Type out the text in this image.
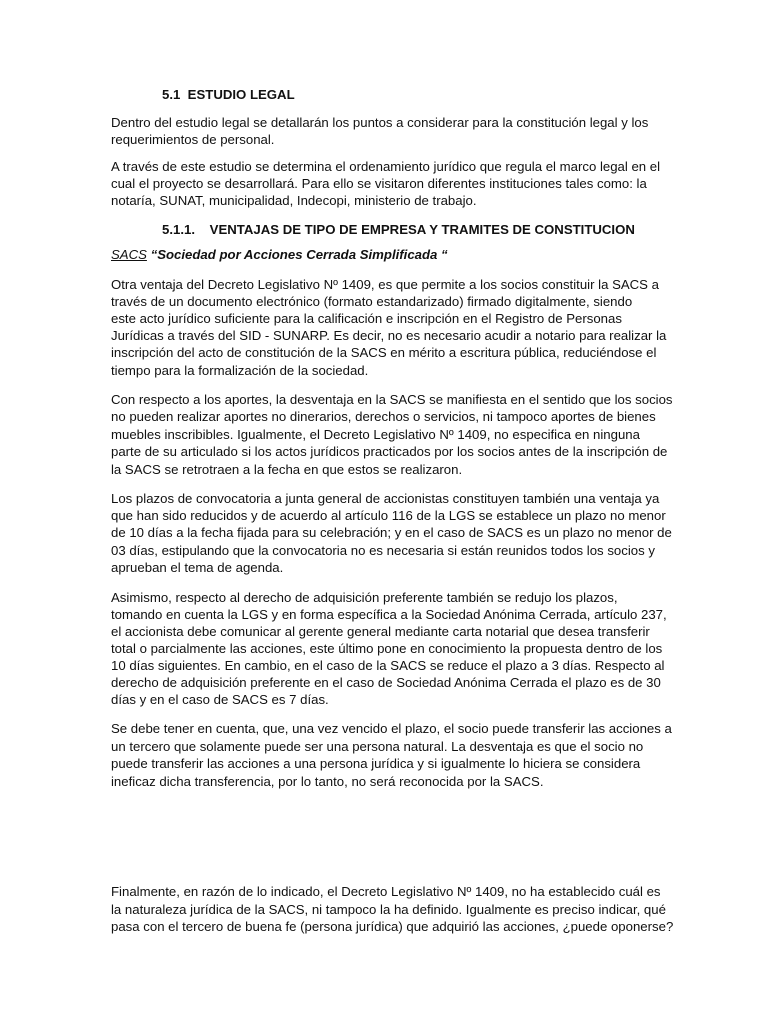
5.1 ESTUDIO LEGAL
Dentro del estudio legal se detallarán los puntos a considerar para la constitución legal y los
requerimientos de personal.
A través de este estudio se determina el ordenamiento jurídico que regula el marco legal en el
cual el proyecto se desarrollará. Para ello se visitaron diferentes instituciones tales como: la
notaría, SUNAT, municipalidad, Indecopi, ministerio de trabajo.
5.1.1. VENTAJAS DE TIPO DE EMPRESA Y TRAMITES DE CONSTITUCION
SACS “Sociedad por Acciones Cerrada Simplificada “
Otra ventaja del Decreto Legislativo Nº 1409, es que permite a los socios constituir la SACS a
través de un documento electrónico (formato estandarizado) firmado digitalmente, siendo
este acto jurídico suficiente para la calificación e inscripción en el Registro de Personas
Jurídicas a través del SID - SUNARP. Es decir, no es necesario acudir a notario para realizar la
inscripción del acto de constitución de la SACS en mérito a escritura pública, reduciéndose el
tiempo para la formalización de la sociedad.
Con respecto a los aportes, la desventaja en la SACS se manifiesta en el sentido que los socios
no pueden realizar aportes no dinerarios, derechos o servicios, ni tampoco aportes de bienes
muebles inscribibles. Igualmente, el Decreto Legislativo Nº 1409, no especifica en ninguna
parte de su articulado si los actos jurídicos practicados por los socios antes de la inscripción de
la SACS se retrotraen a la fecha en que estos se realizaron.
Los plazos de convocatoria a junta general de accionistas constituyen también una ventaja ya
que han sido reducidos y de acuerdo al artículo 116 de la LGS se establece un plazo no menor
de 10 días a la fecha fijada para su celebración; y en el caso de SACS es un plazo no menor de
03 días, estipulando que la convocatoria no es necesaria si están reunidos todos los socios y
aprueban el tema de agenda.
Asimismo, respecto al derecho de adquisición preferente también se redujo los plazos,
tomando en cuenta la LGS y en forma específica a la Sociedad Anónima Cerrada, artículo 237,
el accionista debe comunicar al gerente general mediante carta notarial que desea transferir
total o parcialmente las acciones, este último pone en conocimiento la propuesta dentro de los
10 días siguientes. En cambio, en el caso de la SACS se reduce el plazo a 3 días. Respecto al
derecho de adquisición preferente en el caso de Sociedad Anónima Cerrada el plazo es de 30
días y en el caso de SACS es 7 días.
Se debe tener en cuenta, que, una vez vencido el plazo, el socio puede transferir las acciones a
un tercero que solamente puede ser una persona natural. La desventaja es que el socio no
puede transferir las acciones a una persona jurídica y si igualmente lo hiciera se considera
ineficaz dicha transferencia, por lo tanto, no será reconocida por la SACS.
Finalmente, en razón de lo indicado, el Decreto Legislativo Nº 1409, no ha establecido cuál es
la naturaleza jurídica de la SACS, ni tampoco la ha definido. Igualmente es preciso indicar, qué
pasa con el tercero de buena fe (persona jurídica) que adquirió las acciones, ¿puede oponerse?
